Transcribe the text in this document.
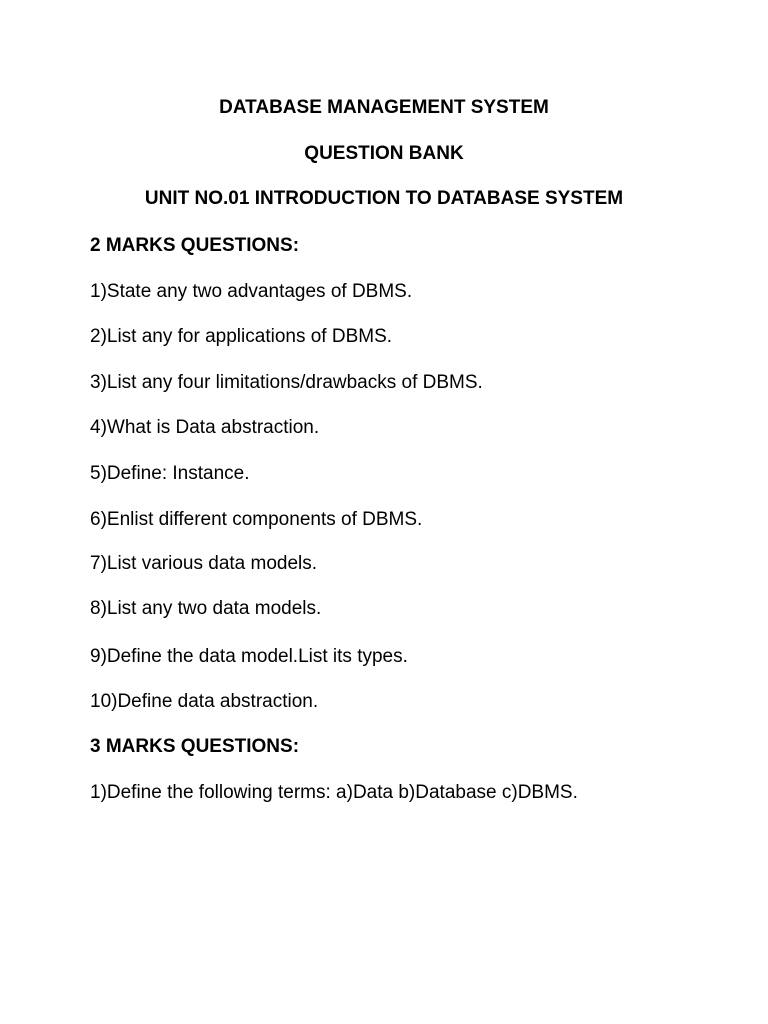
DATABASE MANAGEMENT SYSTEM

QUESTION BANK

UNIT NO.01 INTRODUCTION TO DATABASE SYSTEM

2 MARKS QUESTIONS:

1)State any two advantages of DBMS.

2)List any for applications of DBMS.

3)List any four limitations/drawbacks of DBMS.

4)What is Data abstraction.

5)Define: Instance.

6)Enlist different components of DBMS.

7)List various data models.

8)List any two data models.

9)Define the data model.List its types.

10)Define data abstraction.

3 MARKS QUESTIONS:

1)Define the following terms: a)Data b)Database c)DBMS.
